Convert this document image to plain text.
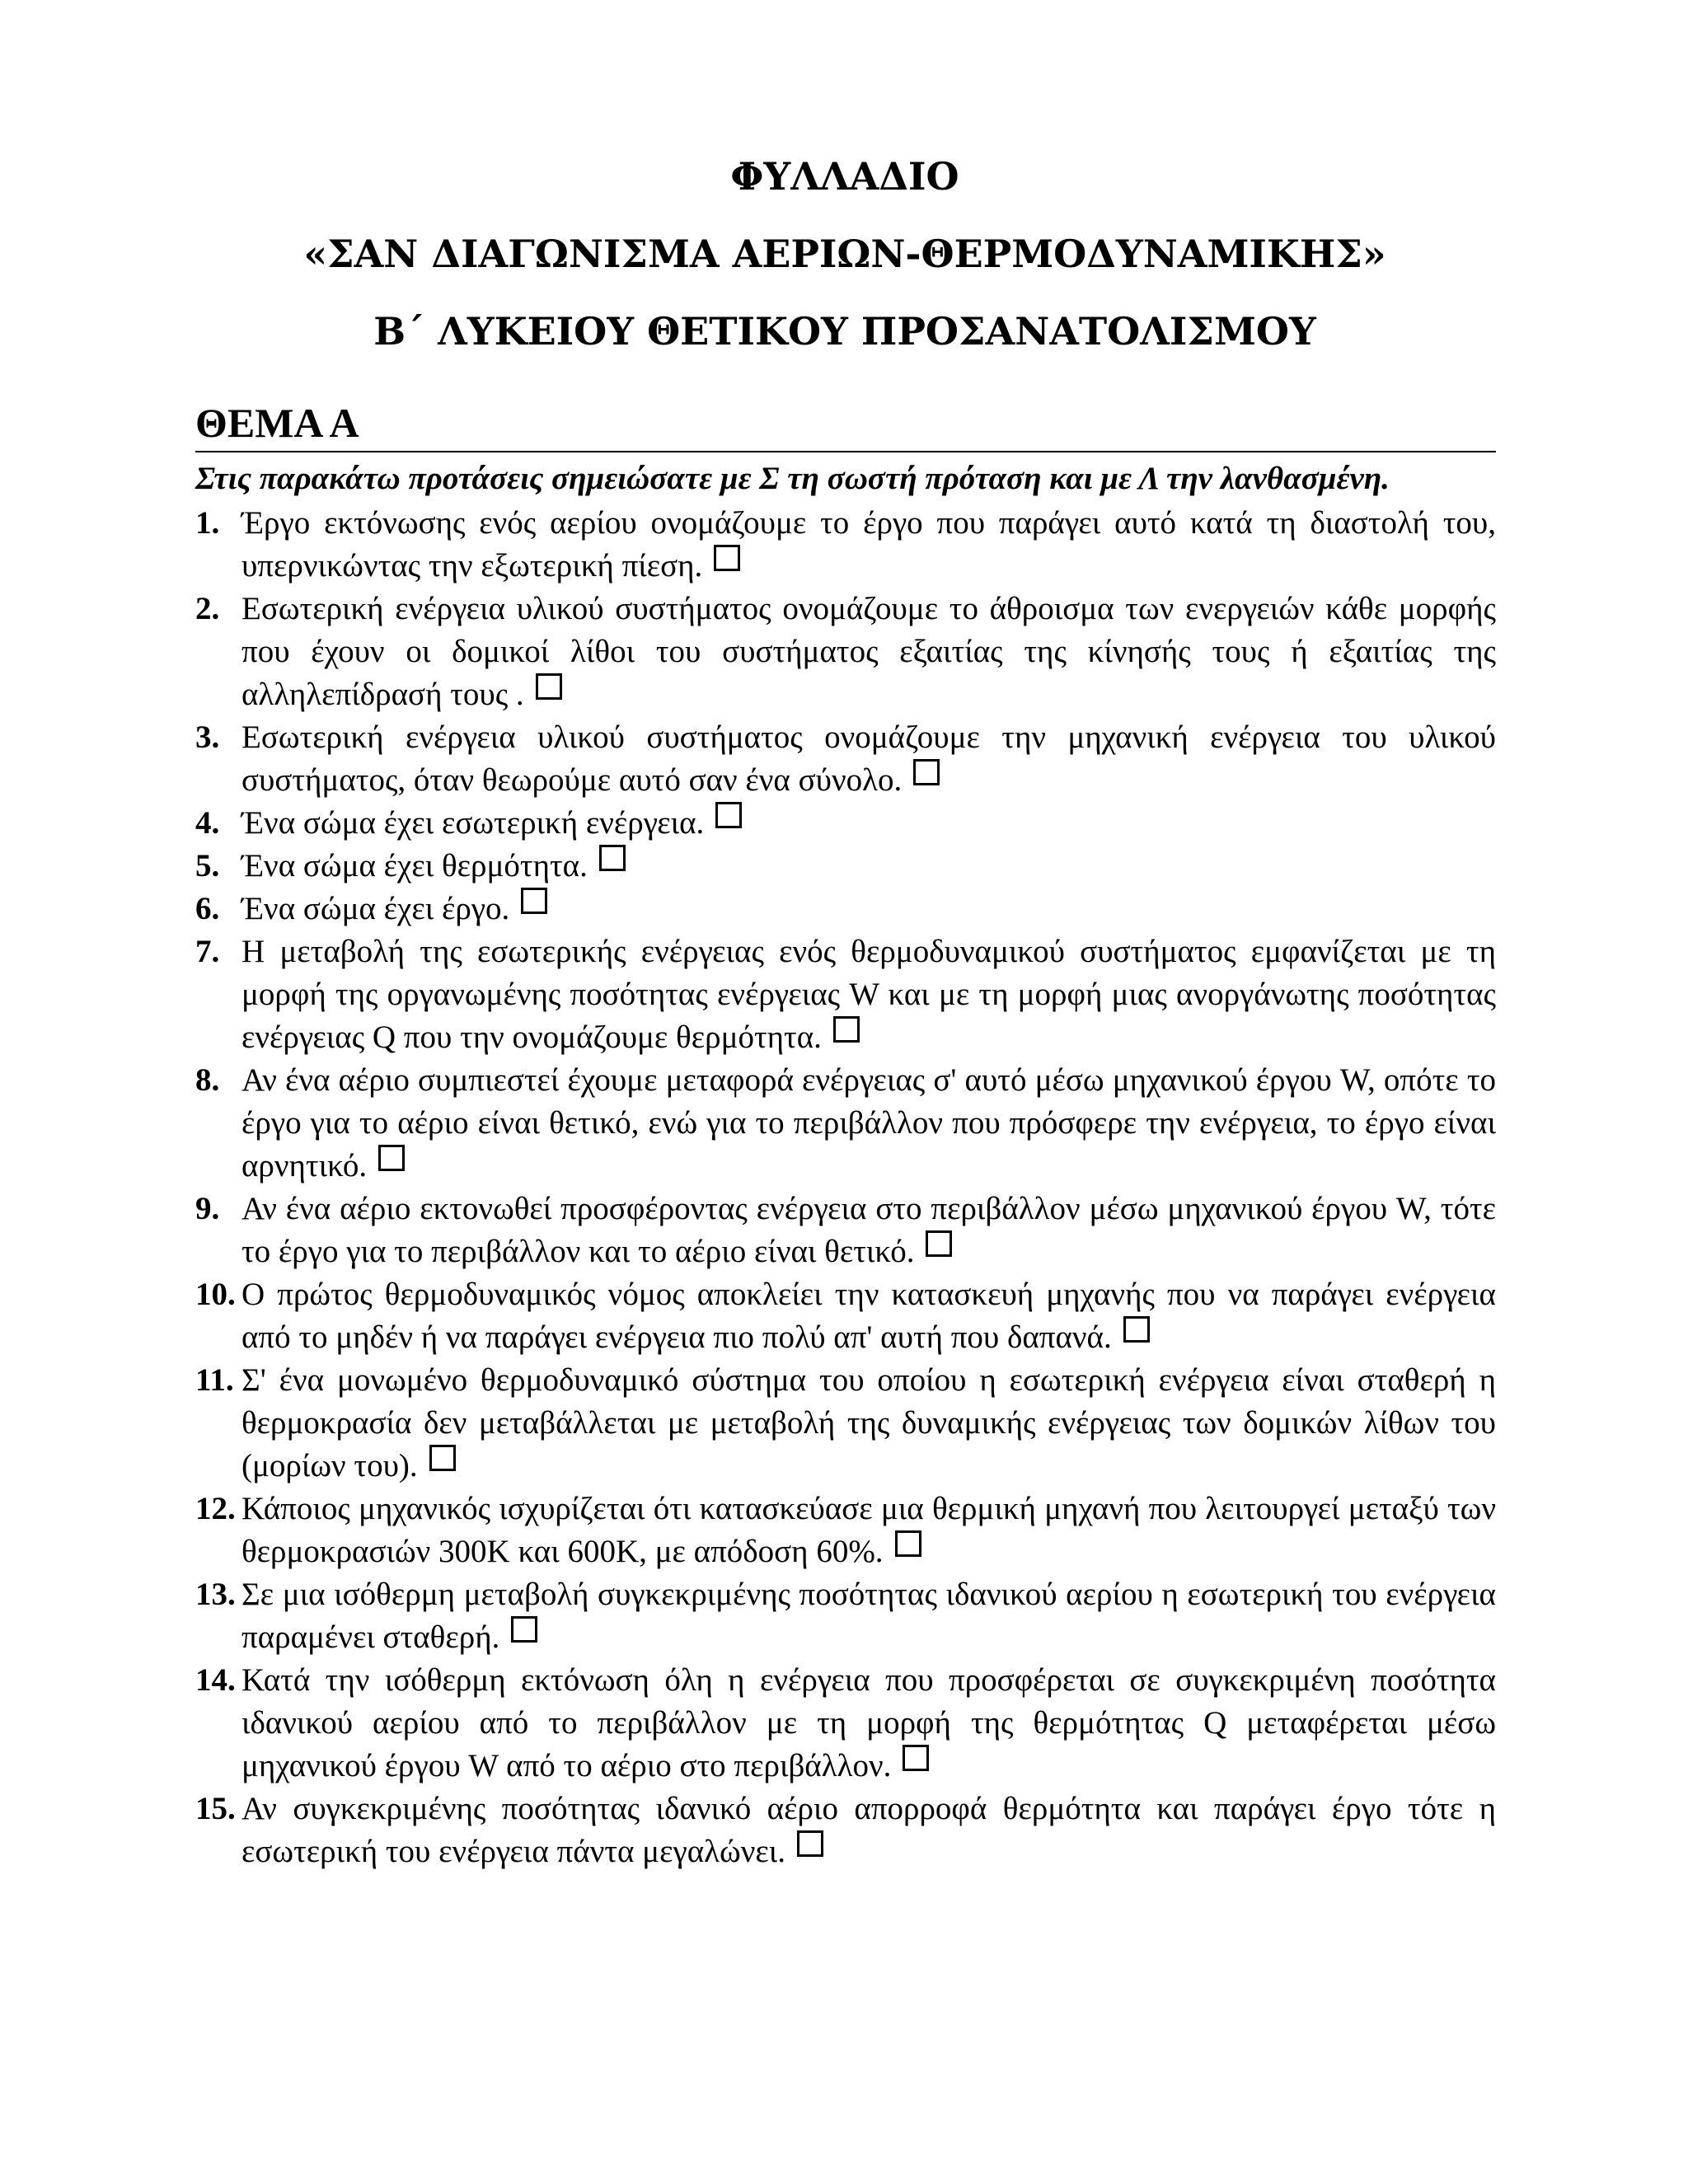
ΦΥΛΛΑΔΙΟ

«ΣΑΝ ΔΙΑΓΩΝΙΣΜΑ ΑΕΡΙΩΝ-ΘΕΡΜΟΔΥΝΑΜΙΚΗΣ»

Β΄ ΛΥΚΕΙΟΥ ΘΕΤΙΚΟΥ ΠΡΟΣΑΝΑΤΟΛΙΣΜΟΥ

ΘΕΜΑ Α

Στις παρακάτω προτάσεις σημειώσατε με Σ τη σωστή πρόταση και με Λ την λανθασμένη.

1. Έργο εκτόνωσης ενός αερίου ονομάζουμε το έργο που παράγει αυτό κατά τη διαστολή του, υπερνικώντας την εξωτερική πίεση.
2. Εσωτερική ενέργεια υλικού συστήματος ονομάζουμε το άθροισμα των ενεργειών κάθε μορφής που έχουν οι δομικοί λίθοι του συστήματος εξαιτίας της κίνησής τους ή εξαιτίας της αλληλεπίδρασή τους .
3. Εσωτερική ενέργεια υλικού συστήματος ονομάζουμε την μηχανική ενέργεια του υλικού συστήματος, όταν θεωρούμε αυτό σαν ένα σύνολο.
4. Ένα σώμα έχει εσωτερική ενέργεια.
5. Ένα σώμα έχει θερμότητα.
6. Ένα σώμα έχει έργο.
7. Η μεταβολή της εσωτερικής ενέργειας ενός θερμοδυναμικού συστήματος εμφανίζεται με τη μορφή της οργανωμένης ποσότητας ενέργειας W και με τη μορφή μιας ανοργάνωτης ποσότητας ενέργειας Q που την ονομάζουμε θερμότητα.
8. Αν ένα αέριο συμπιεστεί έχουμε μεταφορά ενέργειας σ' αυτό μέσω μηχανικού έργου W, οπότε το έργο για το αέριο είναι θετικό, ενώ για το περιβάλλον που πρόσφερε την ενέργεια, το έργο είναι αρνητικό.
9. Αν ένα αέριο εκτονωθεί προσφέροντας ενέργεια στο περιβάλλον μέσω μηχανικού έργου W, τότε το έργο για το περιβάλλον και το αέριο είναι θετικό.
10. Ο πρώτος θερμοδυναμικός νόμος αποκλείει την κατασκευή μηχανής που να παράγει ενέργεια από το μηδέν ή να παράγει ενέργεια πιο πολύ απ' αυτή που δαπανά.
11. Σ' ένα μονωμένο θερμοδυναμικό σύστημα του οποίου η εσωτερική ενέργεια είναι σταθερή η θερμοκρασία δεν μεταβάλλεται με μεταβολή της δυναμικής ενέργειας των δομικών λίθων του (μορίων του).
12. Κάποιος μηχανικός ισχυρίζεται ότι κατασκεύασε μια θερμική μηχανή που λειτουργεί μεταξύ των θερμοκρασιών 300K και 600K, με απόδοση 60%.
13. Σε μια ισόθερμη μεταβολή συγκεκριμένης ποσότητας ιδανικού αερίου η εσωτερική του ενέργεια παραμένει σταθερή.
14. Κατά την ισόθερμη εκτόνωση όλη η ενέργεια που προσφέρεται σε συγκεκριμένη ποσότητα ιδανικού αερίου από το περιβάλλον με τη μορφή της θερμότητας Q μεταφέρεται μέσω μηχανικού έργου W από το αέριο στο περιβάλλον.
15. Αν συγκεκριμένης ποσότητας ιδανικό αέριο απορροφά θερμότητα και παράγει έργο τότε η εσωτερική του ενέργεια πάντα μεγαλώνει.
